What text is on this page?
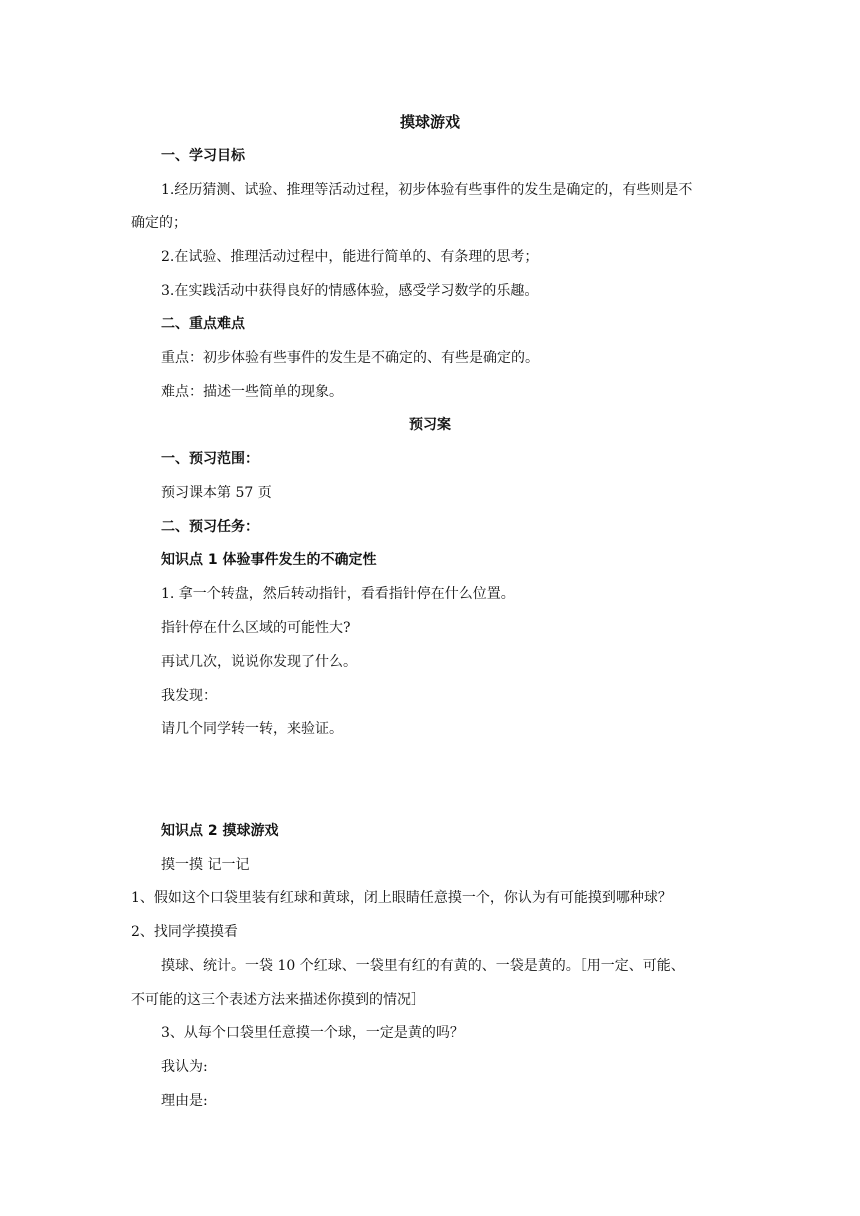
摸球游戏
一、学习目标
1.经历猜测、试验、推理等活动过程，初步体验有些事件的发生是确定的，有些则是不
确定的；
2.在试验、推理活动过程中，能进行简单的、有条理的思考；
3.在实践活动中获得良好的情感体验，感受学习数学的乐趣。
二、重点难点
重点：初步体验有些事件的发生是不确定的、有些是确定的。
难点：描述一些简单的现象。
预习案
一、预习范围：
预习课本第 57 页
二、预习任务：
知识点 1 体验事件发生的不确定性
1. 拿一个转盘，然后转动指针，看看指针停在什么位置。
指针停在什么区域的可能性大?
再试几次，说说你发现了什么。
我发现：
请几个同学转一转，来验证。
知识点 2 摸球游戏
摸一摸 记一记
1、假如这个口袋里装有红球和黄球，闭上眼睛任意摸一个，你认为有可能摸到哪种球？
2、找同学摸摸看
摸球、统计。一袋 10 个红球、一袋里有红的有黄的、一袋是黄的。［用一定、可能、
不可能的这三个表述方法来描述你摸到的情况］
3、从每个口袋里任意摸一个球，一定是黄的吗？
我认为:
理由是:
